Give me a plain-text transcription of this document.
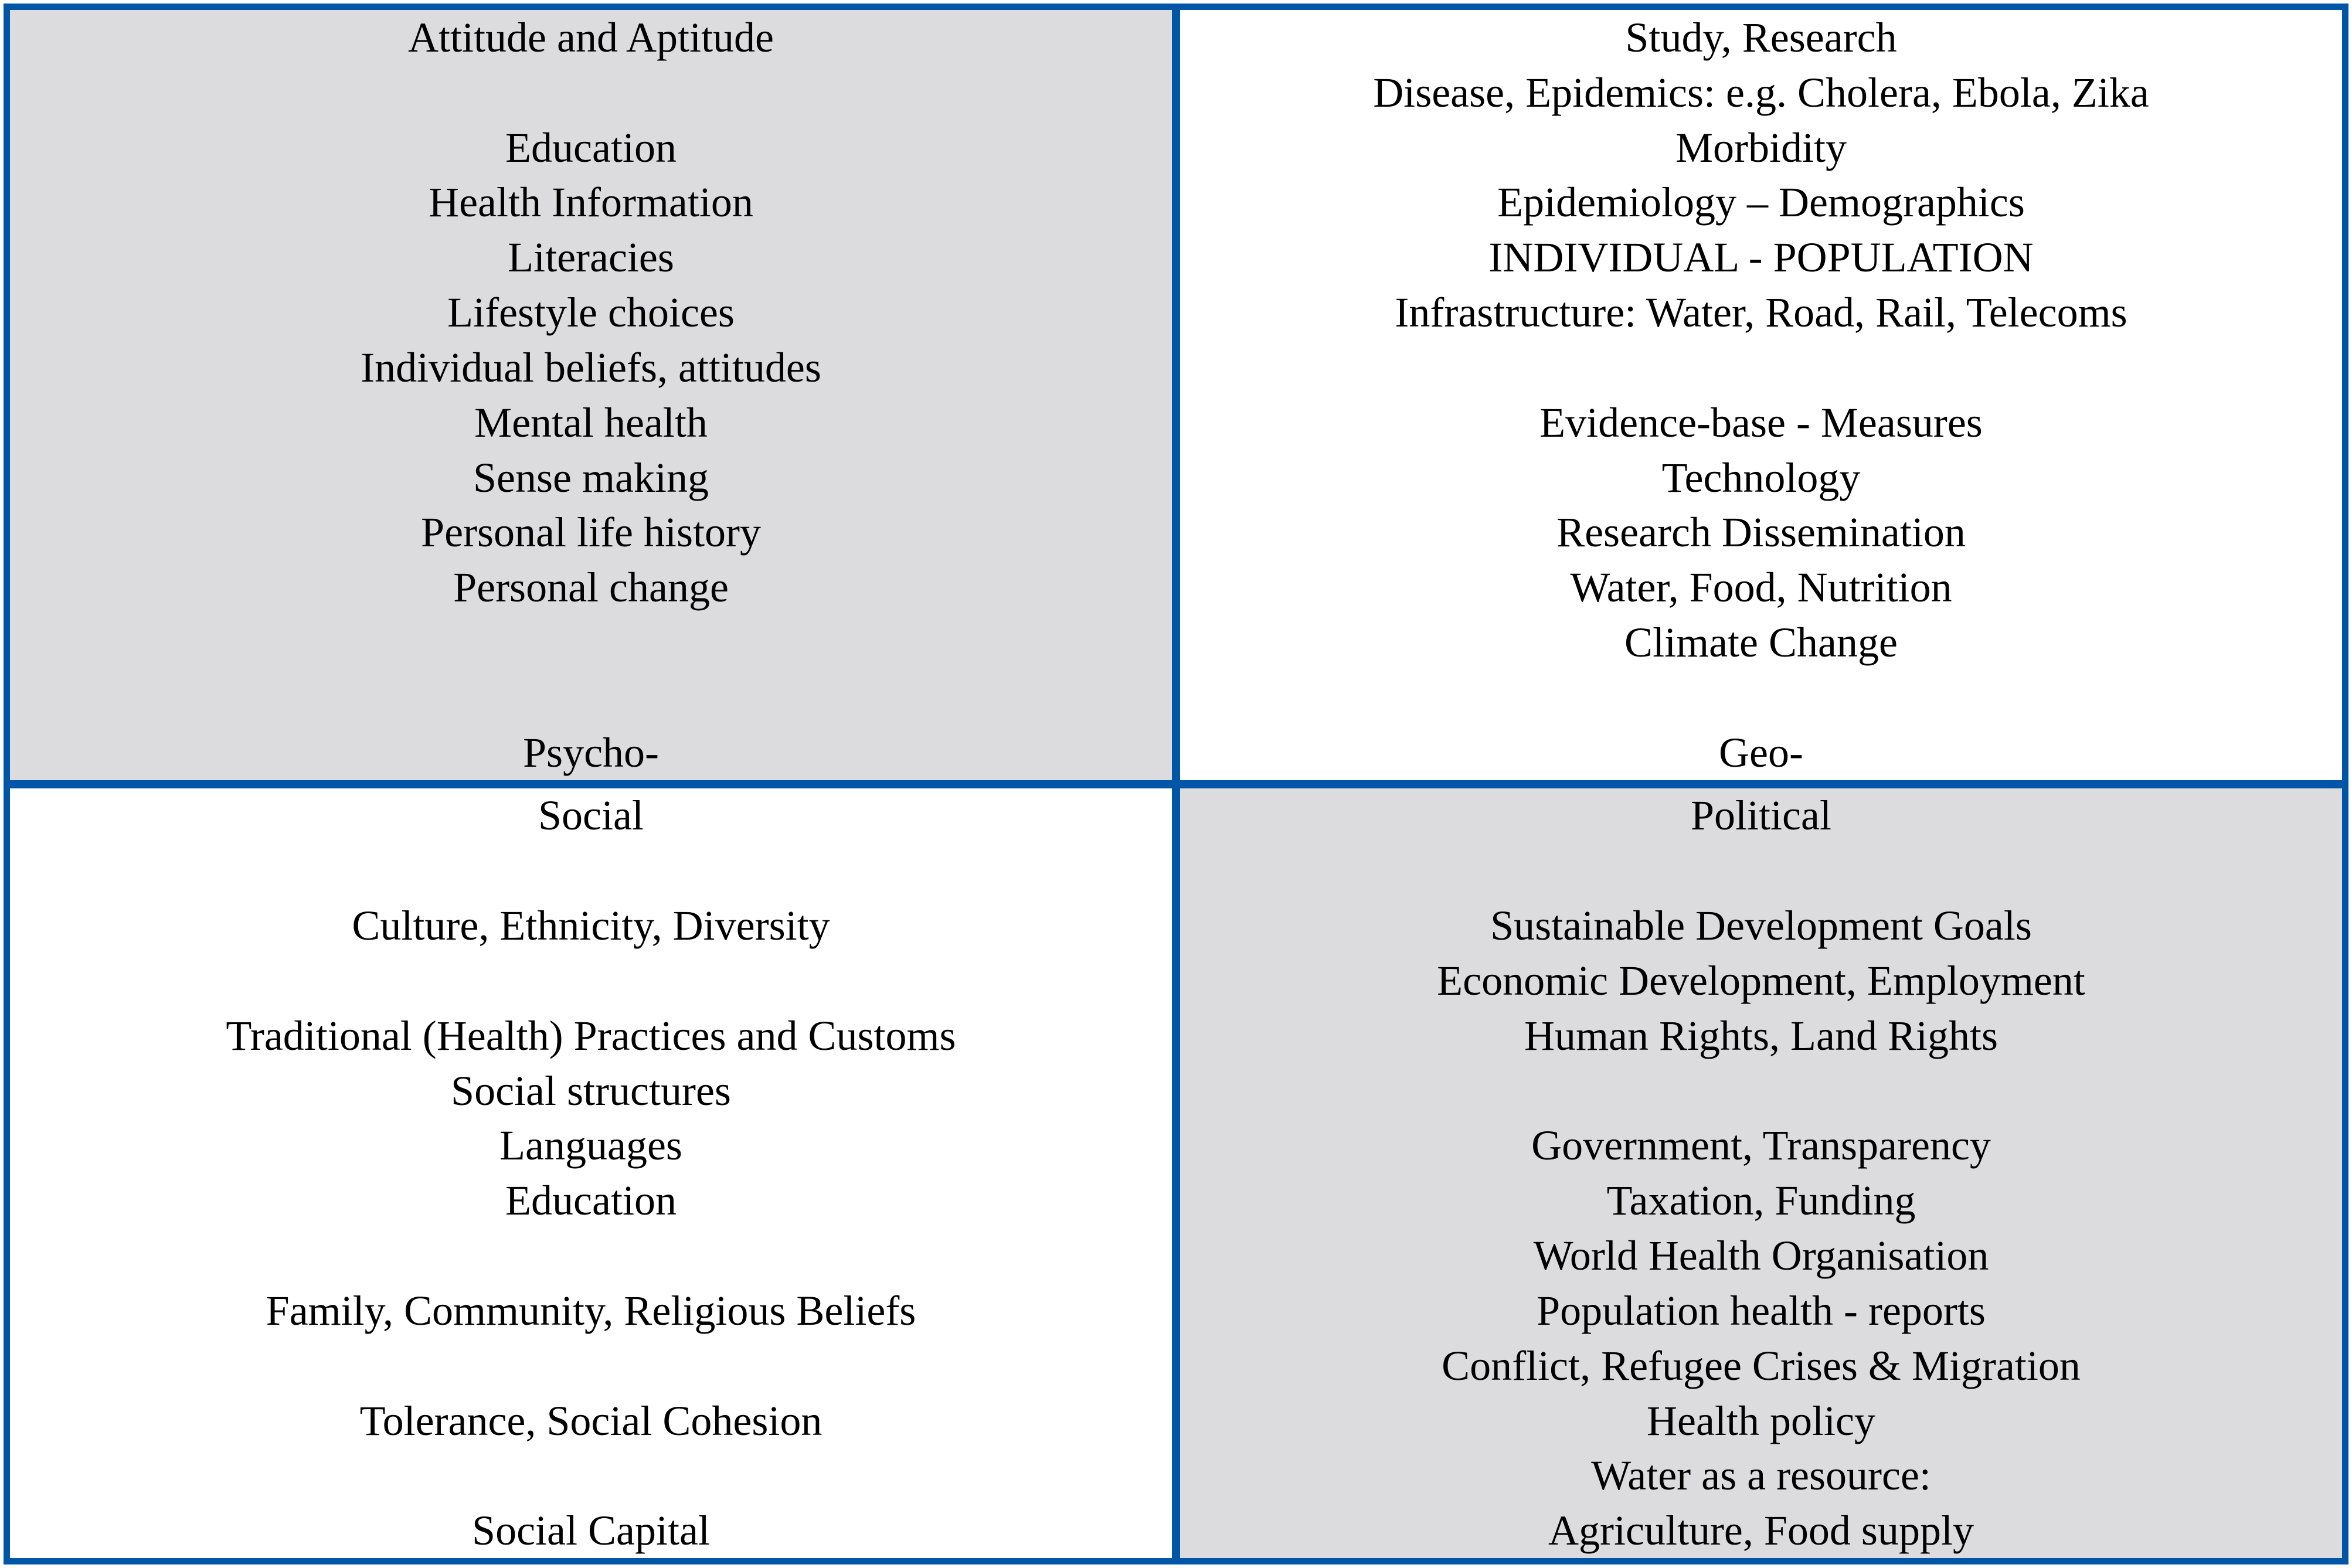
Attitude and Aptitude
Education
Health Information
Literacies
Lifestyle choices
Individual beliefs, attitudes
Mental health
Sense making
Personal life history
Personal change
Psycho-
Study, Research
Disease, Epidemics: e.g. Cholera, Ebola, Zika
Morbidity
Epidemiology – Demographics
INDIVIDUAL - POPULATION
Infrastructure: Water, Road, Rail, Telecoms
Evidence-base - Measures
Technology
Research Dissemination
Water, Food, Nutrition
Climate Change
Geo-
Social
Culture, Ethnicity, Diversity
Traditional (Health) Practices and Customs
Social structures
Languages
Education
Family, Community, Religious Beliefs
Tolerance, Social Cohesion
Social Capital
Political
Sustainable Development Goals
Economic Development, Employment
Human Rights, Land Rights
Government, Transparency
Taxation, Funding
World Health Organisation
Population health - reports
Conflict, Refugee Crises & Migration
Health policy
Water as a resource:
Agriculture, Food supply
